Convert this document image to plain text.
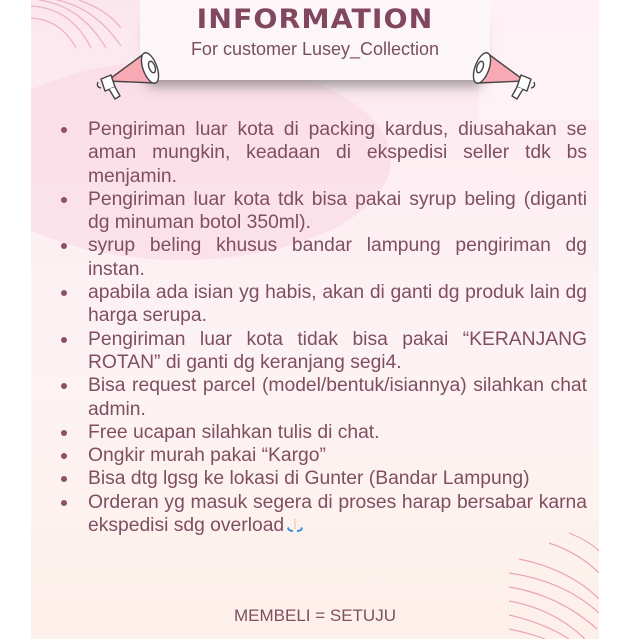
INFORMATION
For customer Lusey_Collection
Pengiriman luar kota di packing kardus, diusahakan se aman mungkin, keadaan di ekspedisi seller tdk bs menjamin.
Pengiriman luar kota tdk bisa pakai syrup beling (diganti dg minuman botol 350ml).
syrup beling khusus bandar lampung pengiriman dg instan.
apabila ada isian yg habis, akan di ganti dg produk lain dg harga serupa.
Pengiriman luar kota tidak bisa pakai “KERANJANG ROTAN” di ganti dg keranjang segi4.
Bisa request parcel (model/bentuk/isiannya) silahkan chat admin.
Free ucapan silahkan tulis di chat.
Ongkir murah pakai “Kargo”
Bisa dtg lgsg ke lokasi di Gunter (Bandar Lampung)
Orderan yg masuk segera di proses harap bersabar karna ekspedisi sdg overload
MEMBELI = SETUJU
